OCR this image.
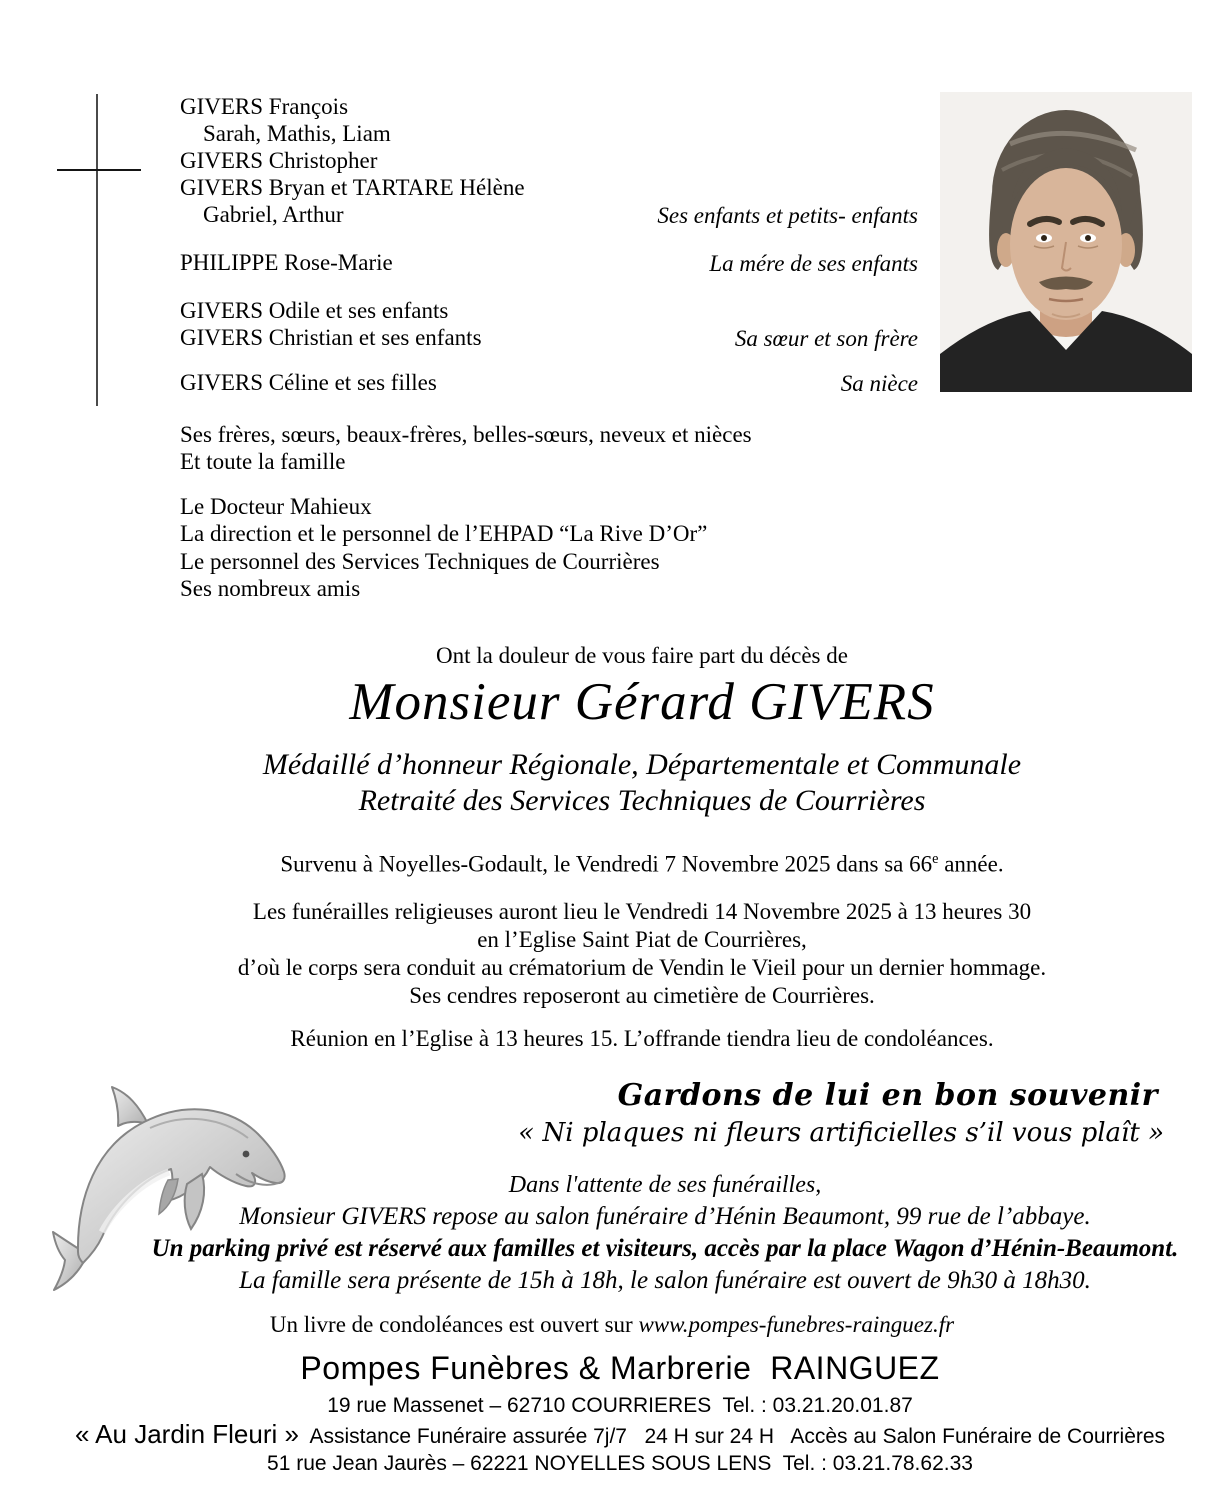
GIVERS François
Sarah, Mathis, Liam
GIVERS Christopher
GIVERS Bryan et TARTARE Hélène
Gabriel, Arthur
PHILIPPE Rose-Marie
GIVERS Odile et ses enfants
GIVERS Christian et ses enfants
GIVERS Céline et ses filles
Ses enfants et petits- enfants
La mére de ses enfants
Sa sœur et son frère
Sa nièce
Ses frères, sœurs, beaux-frères, belles-sœurs, neveux et nièces
Et toute la famille
Le Docteur Mahieux
La direction et le personnel de l’EHPAD “La Rive D’Or”
Le personnel des Services Techniques de Courrières
Ses nombreux amis
Ont la douleur de vous faire part du décès de
Monsieur Gérard GIVERS
Médaillé d’honneur Régionale, Départementale et Communale
Retraité des Services Techniques de Courrières
Survenu à Noyelles-Godault, le Vendredi 7 Novembre 2025 dans sa 66e année.
Les funérailles religieuses auront lieu le Vendredi 14 Novembre 2025 à 13 heures 30
en l’Eglise Saint Piat de Courrières,
d’où le corps sera conduit au crématorium de Vendin le Vieil pour un dernier hommage.
Ses cendres reposeront au cimetière de Courrières.
Réunion en l’Eglise à 13 heures 15. L’offrande tiendra lieu de condoléances.
Gardons de lui en bon souvenir
« Ni plaques ni fleurs artificielles s’il vous plaît »
Dans l'attente de ses funérailles,
Monsieur GIVERS repose au salon funéraire d’Hénin Beaumont, 99 rue de l’abbaye.
Un parking privé est réservé aux familles et visiteurs, accès par la place Wagon d’Hénin-Beaumont.
La famille sera présente de 15h à 18h, le salon funéraire est ouvert de 9h30 à 18h30.
Un livre de condoléances est ouvert sur www.pompes-funebres-rainguez.fr
Pompes Funèbres & Marbrerie  RAINGUEZ
19 rue Massenet – 62710 COURRIERES  Tel. : 03.21.20.01.87
« Au Jardin Fleuri »  Assistance Funéraire assurée 7j/7   24 H sur 24 H   Accès au Salon Funéraire de Courrières
51 rue Jean Jaurès – 62221 NOYELLES SOUS LENS  Tel. : 03.21.78.62.33
